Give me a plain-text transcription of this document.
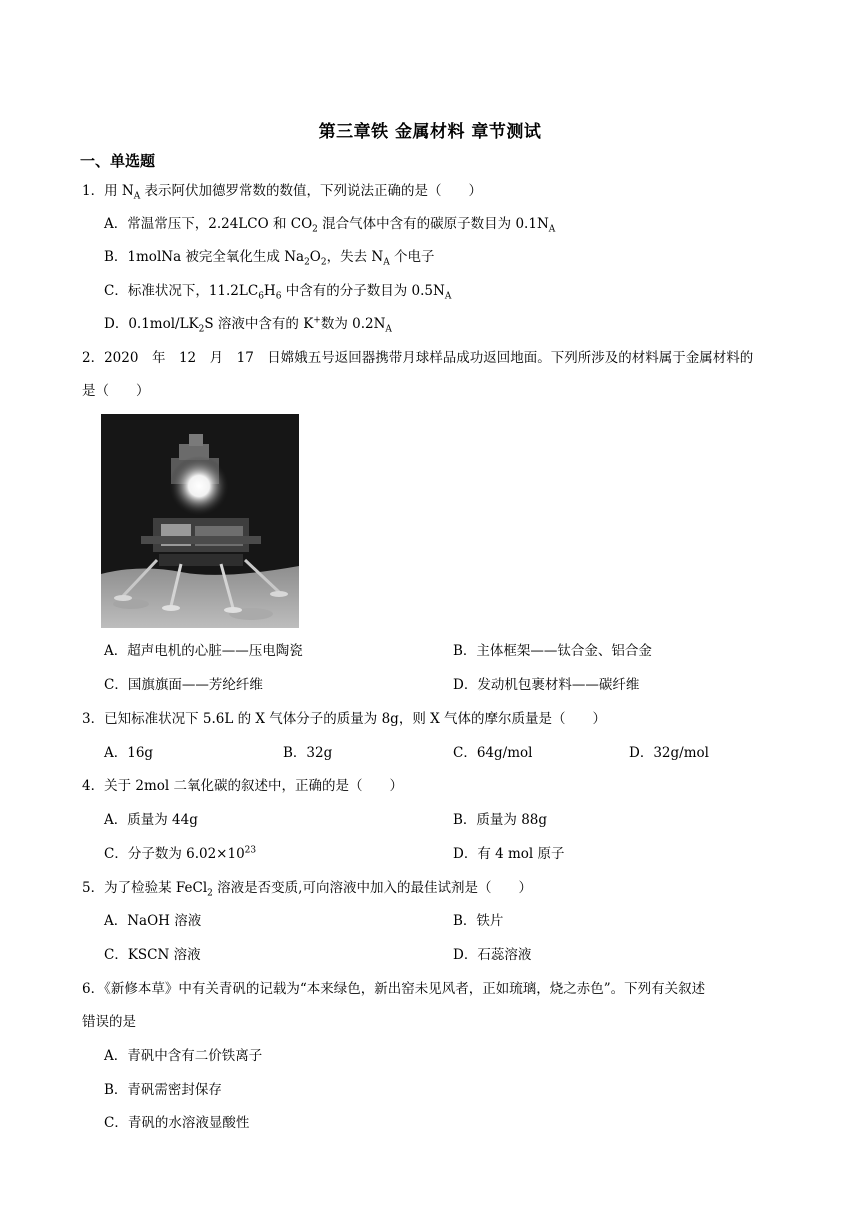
第三章铁 金属材料 章节测试
一、单选题
1．用 $N_A$ 表示阿伏加德罗常数的数值，下列说法正确的是（　　）
A．常温常压下，2.24LCO 和 $CO_2$ 混合气体中含有的碳原子数目为 $0.1N_A$
B．1molNa 被完全氧化生成 $Na_2O_2$，失去 $N_A$ 个电子
C．标准状况下，$11.2LC_6H_6$ 中含有的分子数目为 $0.5N_A$
D．$0.1mol/LK_2S$ 溶液中含有的 K+数为 $0.2N_A$
2．2020　年　12　月　17　日嫦娥五号返回器携带月球样品成功返回地面。下列所涉及的材料属于金属材料的
是（　　）
A．超声电机的心脏——压电陶瓷	B．主体框架——钛合金、铝合金
C．国旗旗面——芳纶纤维	D．发动机包裹材料——碳纤维
3．已知标准状况下 5.6L 的 X 气体分子的质量为 8g，则 X 气体的摩尔质量是（　　）
A．16g	B．32g	C．64g/mol	D．32g/mol
4．关于 2mol 二氧化碳的叙述中，正确的是（　　）
A．质量为 44g	B．质量为 88g
C．分子数为 $6.02\times 10^{23}$	D．有 4 mol 原子
5．为了检验某 FeCl$_2$ 溶液是否变质,可向溶液中加入的最佳试剂是（　　）
A．NaOH 溶液	B．铁片
C．KSCN 溶液	D．石蕊溶液
6．《新修本草》中有关青矾的记载为“本来绿色，新出窑未见风者，正如琉璃，烧之赤色”。下列有关叙述
错误的是
A．青矾中含有二价铁离子
B．青矾需密封保存
C．青矾的水溶液显酸性
